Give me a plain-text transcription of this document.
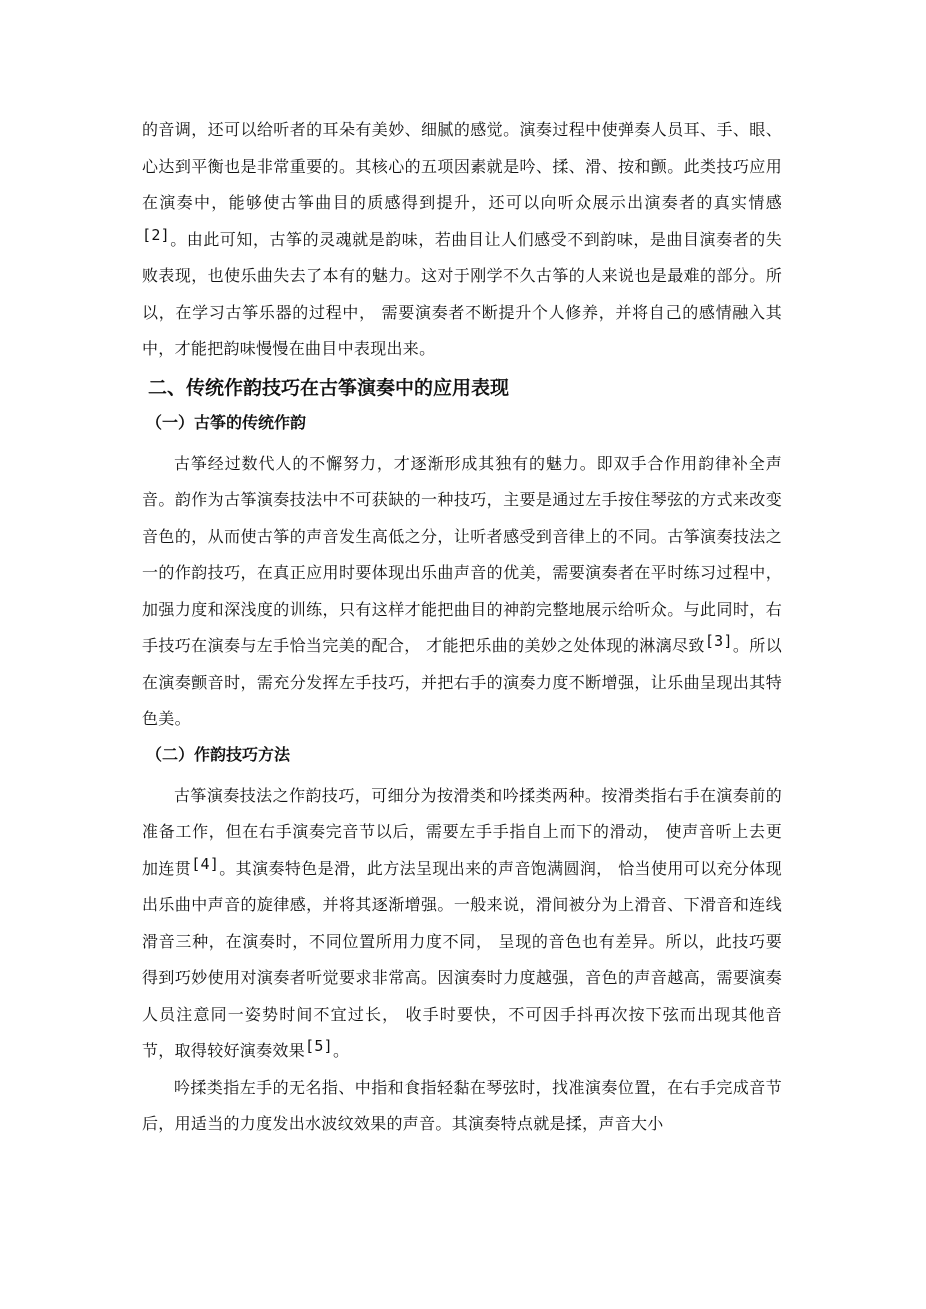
的音调，还可以给听者的耳朵有美妙、细腻的感觉。演奏过程中使弹奏人员耳、手、眼、心达到平衡也是非常重要的。其核心的五项因素就是吟、揉、滑、按和颤。此类技巧应用在演奏中，能够使古筝曲目的质感得到提升，还可以向听众展示出演奏者的真实情感[2]。由此可知，古筝的灵魂就是韵味，若曲目让人们感受不到韵味，是曲目演奏者的失败表现，也使乐曲失去了本有的魅力。这对于刚学不久古筝的人来说也是最难的部分。所以，在学习古筝乐器的过程中， 需要演奏者不断提升个人修养，并将自己的感情融入其中，才能把韵味慢慢在曲目中表现出来。

二、传统作韵技巧在古筝演奏中的应用表现
（一）古筝的传统作韵

古筝经过数代人的不懈努力，才逐渐形成其独有的魅力。即双手合作用韵律补全声音。韵作为古筝演奏技法中不可获缺的一种技巧，主要是通过左手按住琴弦的方式来改变音色的，从而使古筝的声音发生高低之分，让听者感受到音律上的不同。古筝演奏技法之一的作韵技巧，在真正应用时要体现出乐曲声音的优美，需要演奏者在平时练习过程中，加强力度和深浅度的训练，只有这样才能把曲目的神韵完整地展示给听众。与此同时，右手技巧在演奏与左手恰当完美的配合， 才能把乐曲的美妙之处体现的淋漓尽致[3]。所以在演奏颤音时，需充分发挥左手技巧，并把右手的演奏力度不断增强，让乐曲呈现出其特色美。

（二）作韵技巧方法

古筝演奏技法之作韵技巧，可细分为按滑类和吟揉类两种。按滑类指右手在演奏前的准备工作，但在右手演奏完音节以后，需要左手手指自上而下的滑动， 使声音听上去更加连贯[4]。其演奏特色是滑，此方法呈现出来的声音饱满圆润， 恰当使用可以充分体现出乐曲中声音的旋律感，并将其逐渐增强。一般来说，滑间被分为上滑音、下滑音和连线滑音三种，在演奏时，不同位置所用力度不同， 呈现的音色也有差异。所以，此技巧要得到巧妙使用对演奏者听觉要求非常高。因演奏时力度越强，音色的声音越高，需要演奏人员注意同一姿势时间不宜过长， 收手时要快，不可因手抖再次按下弦而出现其他音节，取得较好演奏效果[5]。

吟揉类指左手的无名指、中指和食指轻黏在琴弦时，找准演奏位置，在右手完成音节后，用适当的力度发出水波纹效果的声音。其演奏特点就是揉，声音大小
